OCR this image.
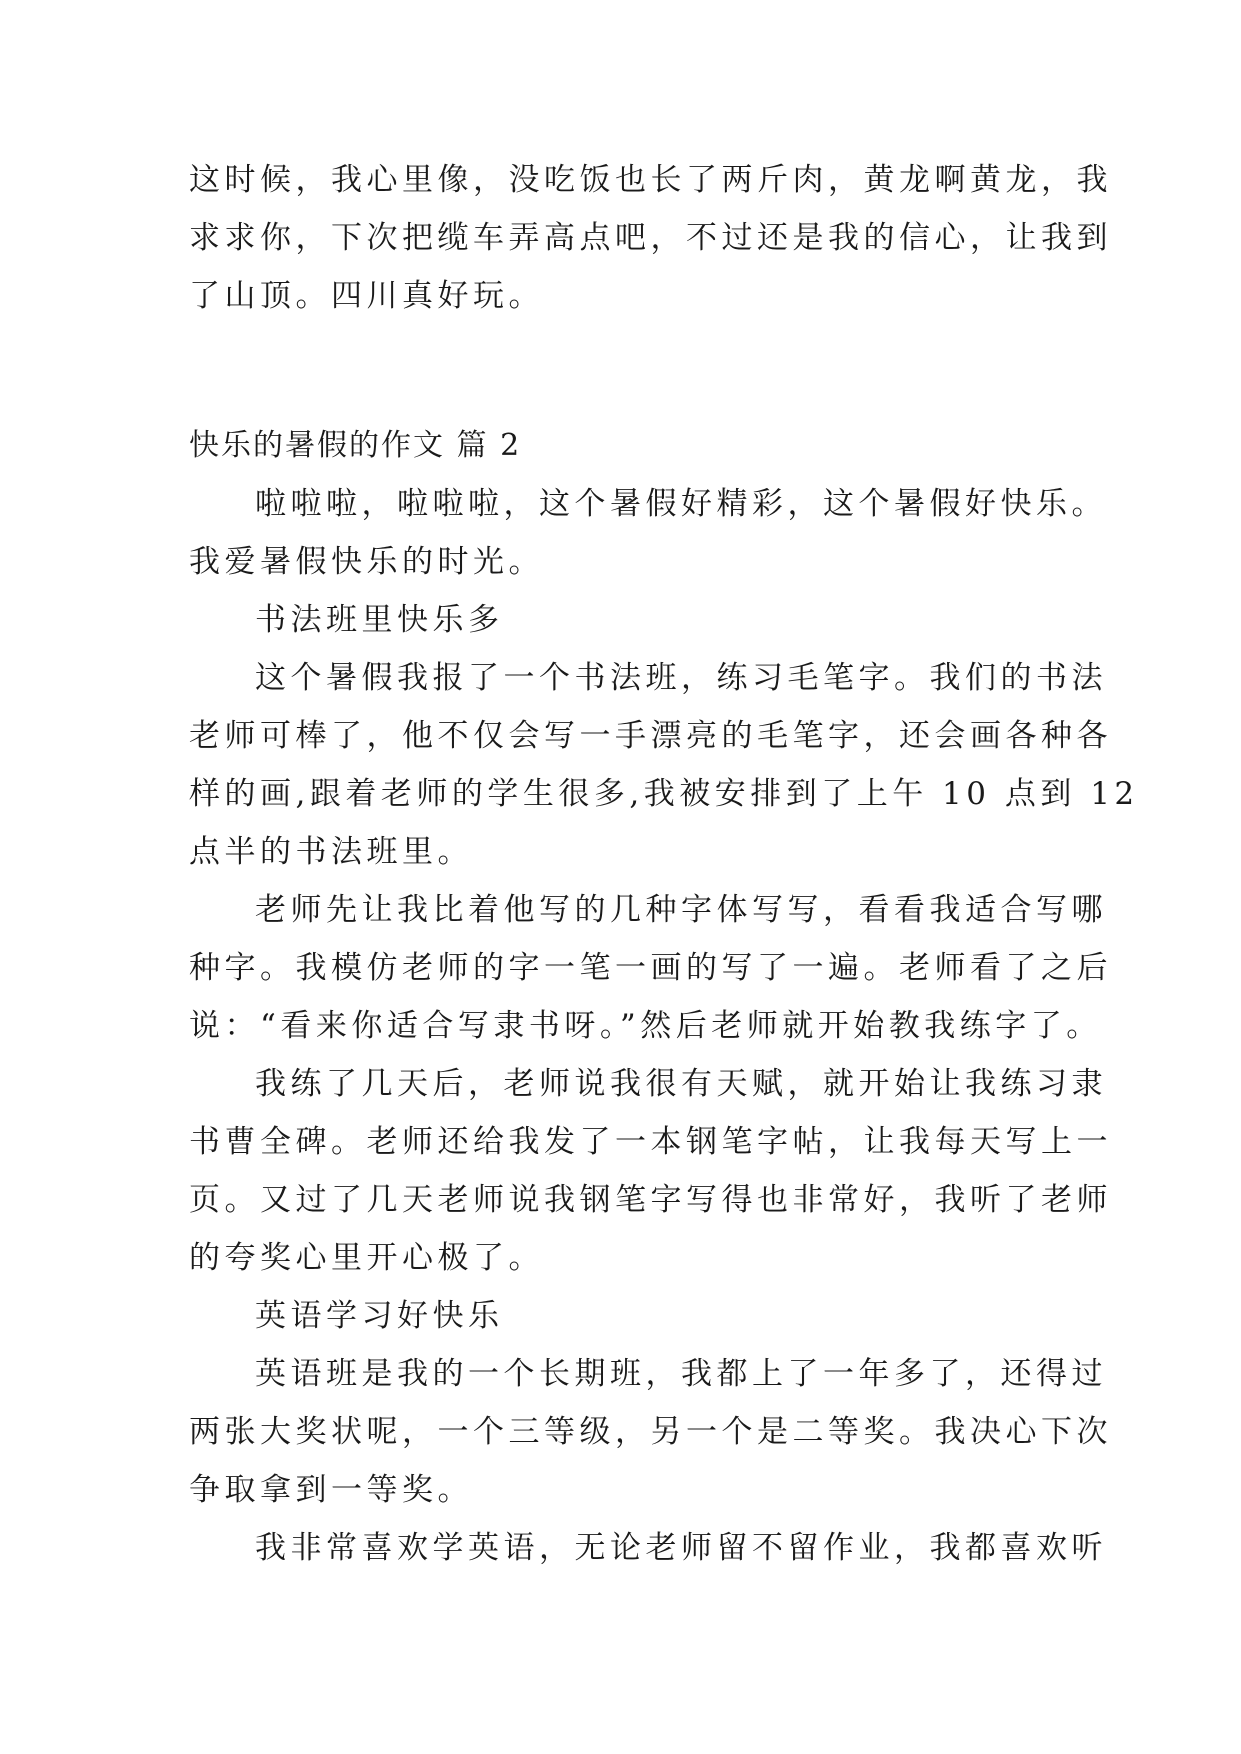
这时候，我心里像，没吃饭也长了两斤肉，黄龙啊黄龙，我
求求你，下次把缆车弄高点吧，不过还是我的信心，让我到
了山顶。四川真好玩。
快乐的暑假的作文 篇 2
啦啦啦，啦啦啦，这个暑假好精彩，这个暑假好快乐。
我爱暑假快乐的时光。
书法班里快乐多
这个暑假我报了一个书法班，练习毛笔字。我们的书法
老师可棒了，他不仅会写一手漂亮的毛笔字，还会画各种各
样的画,跟着老师的学生很多,我被安排到了上午 10 点到 12
点半的书法班里。
老师先让我比着他写的几种字体写写，看看我适合写哪
种字。我模仿老师的字一笔一画的写了一遍。老师看了之后
说：“看来你适合写隶书呀。”然后老师就开始教我练字了。
我练了几天后，老师说我很有天赋，就开始让我练习隶
书曹全碑。老师还给我发了一本钢笔字帖，让我每天写上一
页。又过了几天老师说我钢笔字写得也非常好，我听了老师
的夸奖心里开心极了。
英语学习好快乐
英语班是我的一个长期班，我都上了一年多了，还得过
两张大奖状呢，一个三等级，另一个是二等奖。我决心下次
争取拿到一等奖。
我非常喜欢学英语，无论老师留不留作业，我都喜欢听
